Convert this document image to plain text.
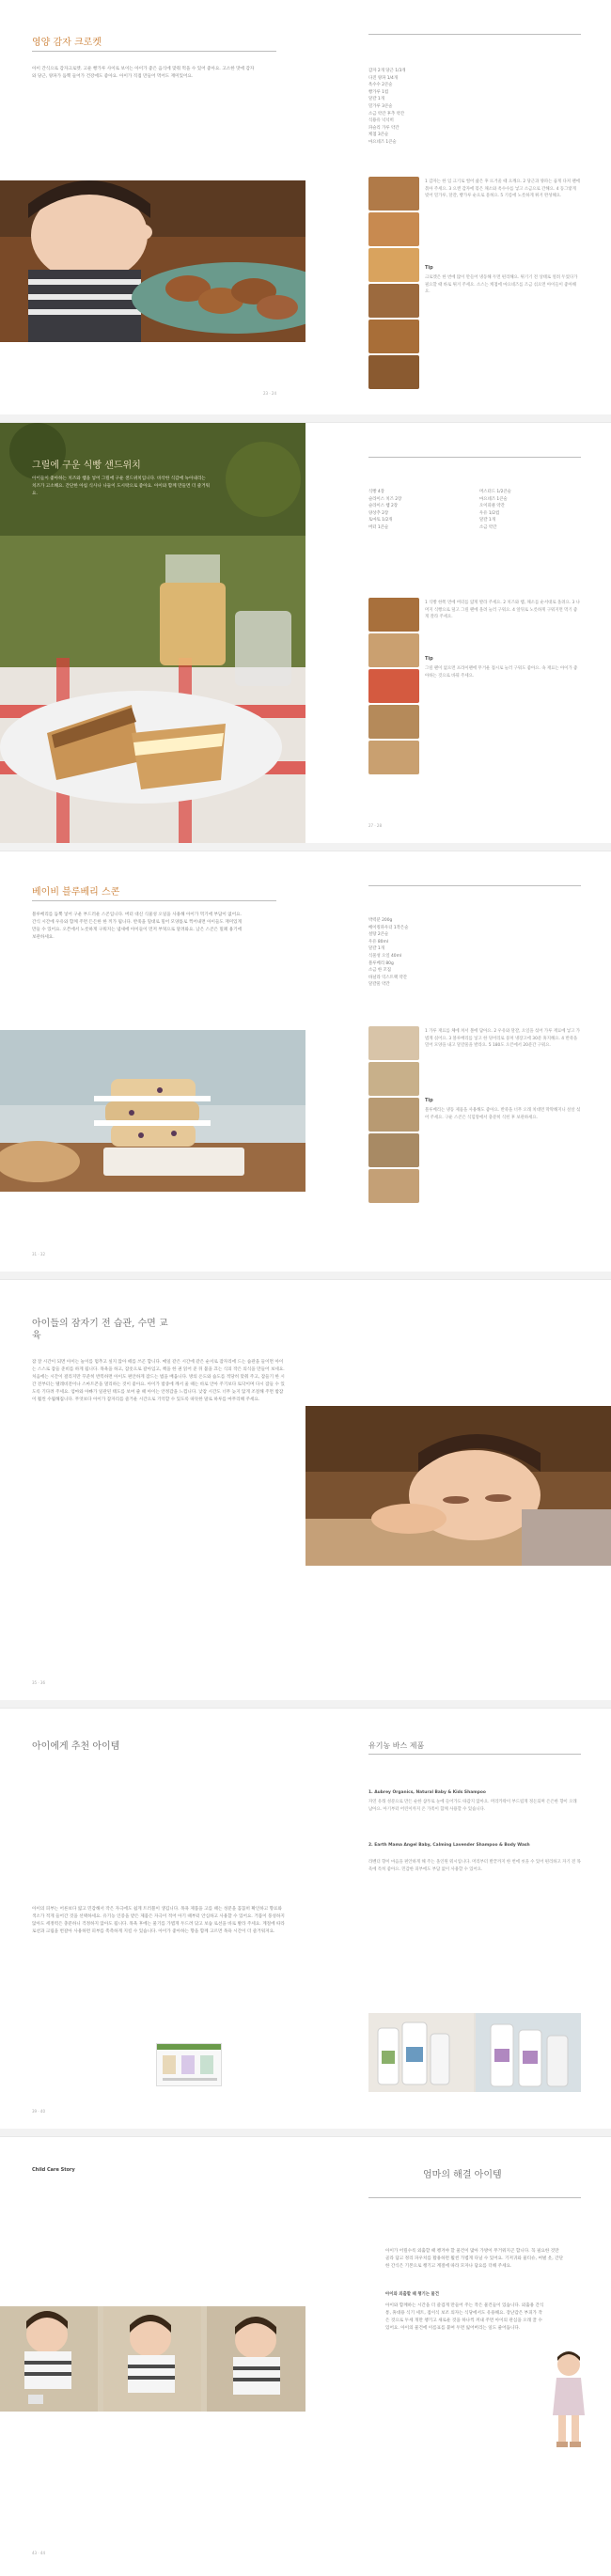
영양 감자 크로켓
아이 간식으로 감자크로켓. 고운 빵가루 사이로 보이는 아이가 좋은 음식에 맞춰 먹을 수 있어 좋아요. 고소한 맛에 감자와 당근, 양파가 듬뿍 들어가 건강에도 좋아요. 아이가 직접 만들어 먹어도 재미있어요.
23 · 24
감자 2개 당근 1/3개
다진 양파 1/4개
옥수수 2큰술
빵가루 1컵
달걀 1개
밀가루 3큰술
소금 약간 후추 약간
식용유 넉넉히
파슬리 가루 약간
케첩 3큰술
마요네즈 1큰술
1 감자는 한 입 크기로 썰어 삶은 후 뜨거울 때 으깨요. 2 당근과 양파는 곱게 다져 팬에 볶아 주세요. 3 으깬 감자에 볶은 채소와 옥수수를 넣고 소금으로 간해요. 4 동그랗게 빚어 밀가루, 달걀, 빵가루 순으로 묻혀요. 5 기름에 노릇하게 튀겨 완성해요.
Tip
크로켓은 한 번에 많이 만들어 냉동해 두면 편리해요. 튀기기 전 상태로 얼려 두었다가 필요할 때 바로 튀겨 주세요. 소스는 케첩에 마요네즈를 조금 섞으면 아이들이 좋아해요.
그릴에 구운 식빵 샌드위치
아이들이 좋아하는 치즈와 햄을 넣어 그릴에 구운 샌드위치입니다. 바삭한 식감에 녹아내리는 치즈가 고소해요. 간단한 아침 식사나 나들이 도시락으로 좋아요. 아이와 함께 만들면 더 즐거워요.
27 · 28
식빵 4장
슬라이스 치즈 2장
슬라이스 햄 2장
양상추 2장
토마토 1/2개
버터 1큰술
머스터드 1/2큰술
마요네즈 1큰술
오이피클 약간
우유 1/2컵
달걀 1개
소금 약간
1 식빵 한쪽 면에 버터를 얇게 발라 주세요. 2 치즈와 햄, 채소를 순서대로 올려요. 3 나머지 식빵으로 덮고 그릴 팬에 올려 눌러 구워요. 4 앞뒤로 노릇하게 구워지면 먹기 좋게 잘라 주세요.
Tip
그릴 팬이 없으면 프라이팬에 무거운 접시로 눌러 구워도 좋아요. 속 재료는 아이가 좋아하는 것으로 바꿔 주세요.
베이비 블루베리 스콘
블루베리를 듬뿍 넣어 구운 부드러운 스콘입니다. 버터 대신 식물성 오일을 사용해 아이가 먹기에 부담이 없어요. 간식 시간에 우유와 함께 주면 든든한 한 끼가 됩니다. 반죽을 밀대로 밀어 모양틀로 찍어내면 아이들도 재미있게 만들 수 있어요. 오븐에서 노릇하게 구워지는 냄새에 아이들이 먼저 부엌으로 달려와요. 남은 스콘은 밀폐 용기에 보관하세요.
31 · 32
박력분 200g
베이킹파우더 1작은술
설탕 2큰술
우유 80ml
달걀 1개
식물성 오일 40ml
블루베리 80g
소금 한 꼬집
바닐라 익스트랙 약간
달걀물 약간
1 가루 재료를 체에 쳐서 볼에 담아요. 2 우유와 달걀, 오일을 섞어 가루 재료에 넣고 가볍게 섞어요. 3 블루베리를 넣고 한 덩어리로 뭉쳐 냉장고에 30분 휴지해요. 4 반죽을 밀어 모양을 내고 달걀물을 발라요. 5 180도 오븐에서 20분간 구워요.
Tip
블루베리는 냉동 제품을 사용해도 좋아요. 반죽을 너무 오래 치대면 딱딱해지니 살살 섞어 주세요. 구운 스콘은 식힘망에서 충분히 식힌 후 보관하세요.
아이들의 잠자기 전 습관, 수면 교육
잠 잘 시간이 되면 아이는 놀이를 멈추고 싶지 않아 떼를 쓰곤 합니다. 매일 같은 시간에 같은 순서로 잠자리에 드는 습관을 들이면 아이는 스스로 잠들 준비를 하게 됩니다. 목욕을 하고, 잠옷으로 갈아입고, 책을 한 권 읽어 준 뒤 불을 끄는 식의 작은 의식을 만들어 보세요. 처음에는 시간이 걸리지만 꾸준히 반복하면 아이도 편안하게 잠드는 법을 배웁니다. 방의 온도와 습도를 적당히 맞춰 주고, 잠들기 한 시간 전부터는 텔레비전이나 스마트폰을 멀리하는 것이 좋아요. 아이가 밤중에 깨서 울 때는 바로 안아 주기보다 토닥이며 다시 잠들 수 있도록 기다려 주세요. 엄마와 아빠가 일관된 태도를 보여 줄 때 아이는 안정감을 느낍니다. 낮잠 시간도 너무 늦지 않게 조절해 주면 밤잠이 훨씬 수월해집니다. 무엇보다 아이가 잠자리를 즐거운 시간으로 기억할 수 있도록 따뜻한 말로 하루를 마무리해 주세요.
35 · 36
아이에게 추천 아이템
아이의 피부는 어른보다 얇고 민감해서 작은 자극에도 쉽게 트러블이 생깁니다. 목욕 제품을 고를 때는 성분을 꼼꼼히 확인하고 향료와 색소가 적게 들어간 것을 선택하세요. 유기농 인증을 받은 제품은 자극이 적어 아기 때부터 안심하고 사용할 수 있어요. 거품이 풍성하지 않아도 세정력은 충분하니 걱정하지 않아도 됩니다. 목욕 후에는 물기를 가볍게 두드려 닦고 보습 로션을 바로 발라 주세요. 계절에 따라 로션과 크림을 번갈아 사용하면 피부를 촉촉하게 지킬 수 있습니다. 아이가 좋아하는 향을 함께 고르면 목욕 시간이 더 즐거워져요.
39 · 40
유기농 바스 제품
1. Aubrey Organics, Natural Baby & Kids Shampoo
자연 유래 성분으로 만든 순한 샴푸로 눈에 들어가도 따갑지 않아요. 머리카락이 부드럽게 정돈되며 은은한 향이 오래 남아요. 아기부터 어린이까지 온 가족이 함께 사용할 수 있습니다.
2. Earth Mama Angel Baby, Calming Lavender Shampoo & Body Wash
라벤더 향이 마음을 편안하게 해 주는 올인원 워시입니다. 머리부터 발끝까지 한 번에 씻을 수 있어 편리하고 자기 전 목욕에 특히 좋아요. 민감한 피부에도 부담 없이 사용할 수 있어요.
Child Care Story
43 · 44
엄마의 해결 아이템
아이가 어릴수록 외출할 때 챙겨야 할 물건이 많아 가방이 무거워지곤 합니다. 꼭 필요한 것만 골라 담고 정리 파우치를 활용하면 훨씬 가볍게 다닐 수 있어요. 기저귀와 물티슈, 여벌 옷, 간단한 간식은 기본으로 챙기고 계절에 따라 모자나 담요를 더해 주세요.
아이와 외출할 때 챙기는 물건
아이와 함께하는 시간을 더 즐겁게 만들어 주는 작은 물건들이 있습니다. 외출용 간식 통, 휴대용 식기 세트, 접이식 보조 의자는 식당에서도 유용해요. 장난감은 부피가 작은 것으로 두세 개만 챙기고 새로운 것을 하나씩 꺼내 주면 아이의 관심을 오래 끌 수 있어요. 아이의 물건에 이름표를 붙여 두면 잃어버리는 일도 줄어듭니다.
